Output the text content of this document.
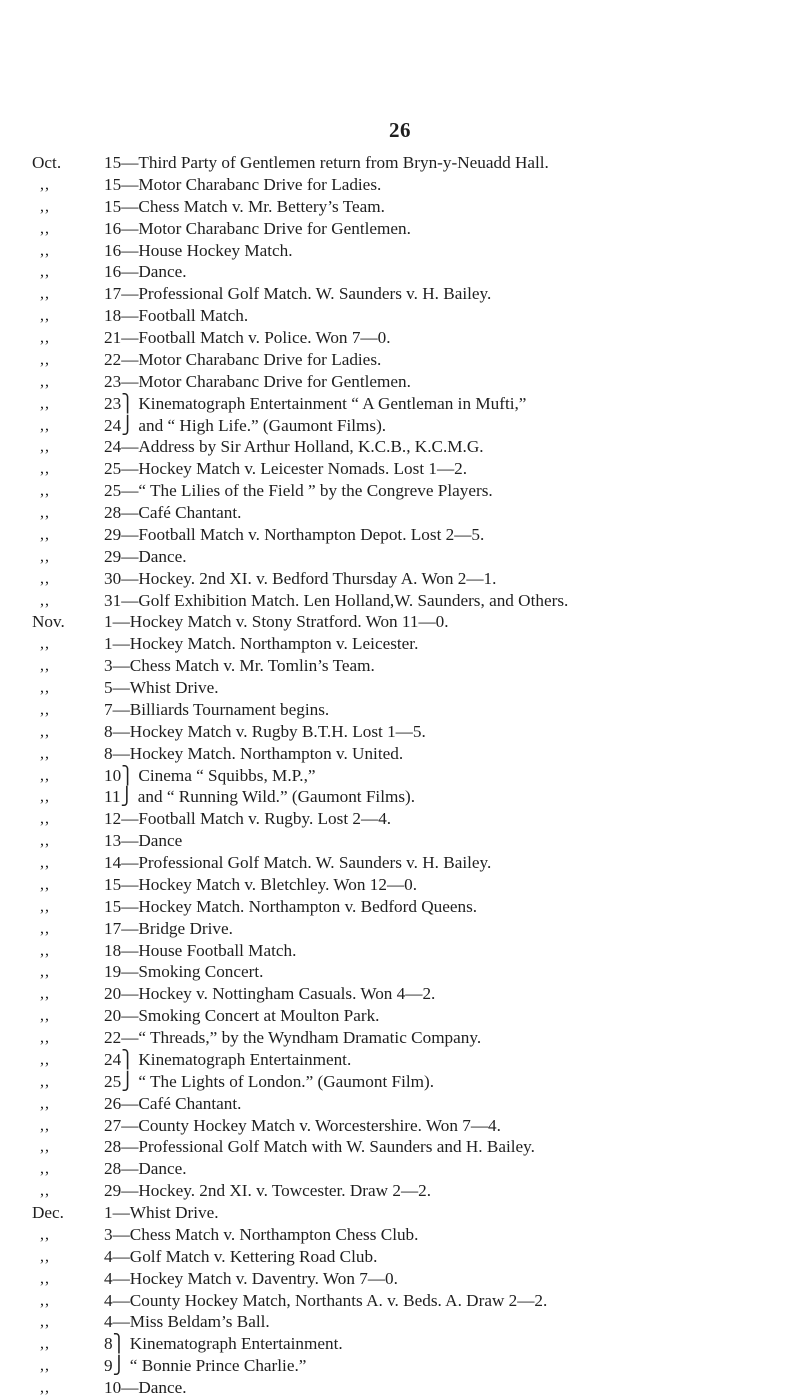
26
Oct.	15—Third Party of Gentlemen return from Bryn-y-Neuadd Hall.
,,	15—Motor Charabanc Drive for Ladies.
,,	15—Chess Match v. Mr. Bettery’s Team.
,,	16—Motor Charabanc Drive for Gentlemen.
,,	16—House Hockey Match.
,,	16—Dance.
,,	17—Professional Golf Match. W. Saunders v. H. Bailey.
,,	18—Football Match.
,,	21—Football Match v. Police. Won 7—0.
,,	22—Motor Charabanc Drive for Ladies.
,,	23—Motor Charabanc Drive for Gentlemen.
,,	23⎫ Kinematograph Entertainment “ A Gentleman in Mufti,”
,,	24⎭ and “ High Life.” (Gaumont Films).
,,	24—Address by Sir Arthur Holland, K.C.B., K.C.M.G.
,,	25—Hockey Match v. Leicester Nomads. Lost 1—2.
,,	25—“ The Lilies of the Field ” by the Congreve Players.
,,	28—Café Chantant.
,,	29—Football Match v. Northampton Depot. Lost 2—5.
,,	29—Dance.
,,	30—Hockey. 2nd XI. v. Bedford Thursday A. Won 2—1.
,,	31—Golf Exhibition Match. Len Holland,W. Saunders, and Others.
Nov.	1—Hockey Match v. Stony Stratford. Won 11—0.
,,	1—Hockey Match. Northampton v. Leicester.
,,	3—Chess Match v. Mr. Tomlin’s Team.
,,	5—Whist Drive.
,,	7—Billiards Tournament begins.
,,	8—Hockey Match v. Rugby B.T.H. Lost 1—5.
,,	8—Hockey Match. Northampton v. United.
,,	10⎫ Cinema “ Squibbs, M.P.,”
,,	11⎭ and “ Running Wild.” (Gaumont Films).
,,	12—Football Match v. Rugby. Lost 2—4.
,,	13—Dance
,,	14—Professional Golf Match. W. Saunders v. H. Bailey.
,,	15—Hockey Match v. Bletchley. Won 12—0.
,,	15—Hockey Match. Northampton v. Bedford Queens.
,,	17—Bridge Drive.
,,	18—House Football Match.
,,	19—Smoking Concert.
,,	20—Hockey v. Nottingham Casuals. Won 4—2.
,,	20—Smoking Concert at Moulton Park.
,,	22—“ Threads,” by the Wyndham Dramatic Company.
,,	24⎫ Kinematograph Entertainment.
,,	25⎭ “ The Lights of London.” (Gaumont Film).
,,	26—Café Chantant.
,,	27—County Hockey Match v. Worcestershire. Won 7—4.
,,	28—Professional Golf Match with W. Saunders and H. Bailey.
,,	28—Dance.
,,	29—Hockey. 2nd XI. v. Towcester. Draw 2—2.
Dec.	1—Whist Drive.
,,	3—Chess Match v. Northampton Chess Club.
,,	4—Golf Match v. Kettering Road Club.
,,	4—Hockey Match v. Daventry. Won 7—0.
,,	4—County Hockey Match, Northants A. v. Beds. A. Draw 2—2.
,,	4—Miss Beldam’s Ball.
,,	8⎫ Kinematograph Entertainment.
,,	9⎭ “ Bonnie Prince Charlie.”
,,	10—Dance.
